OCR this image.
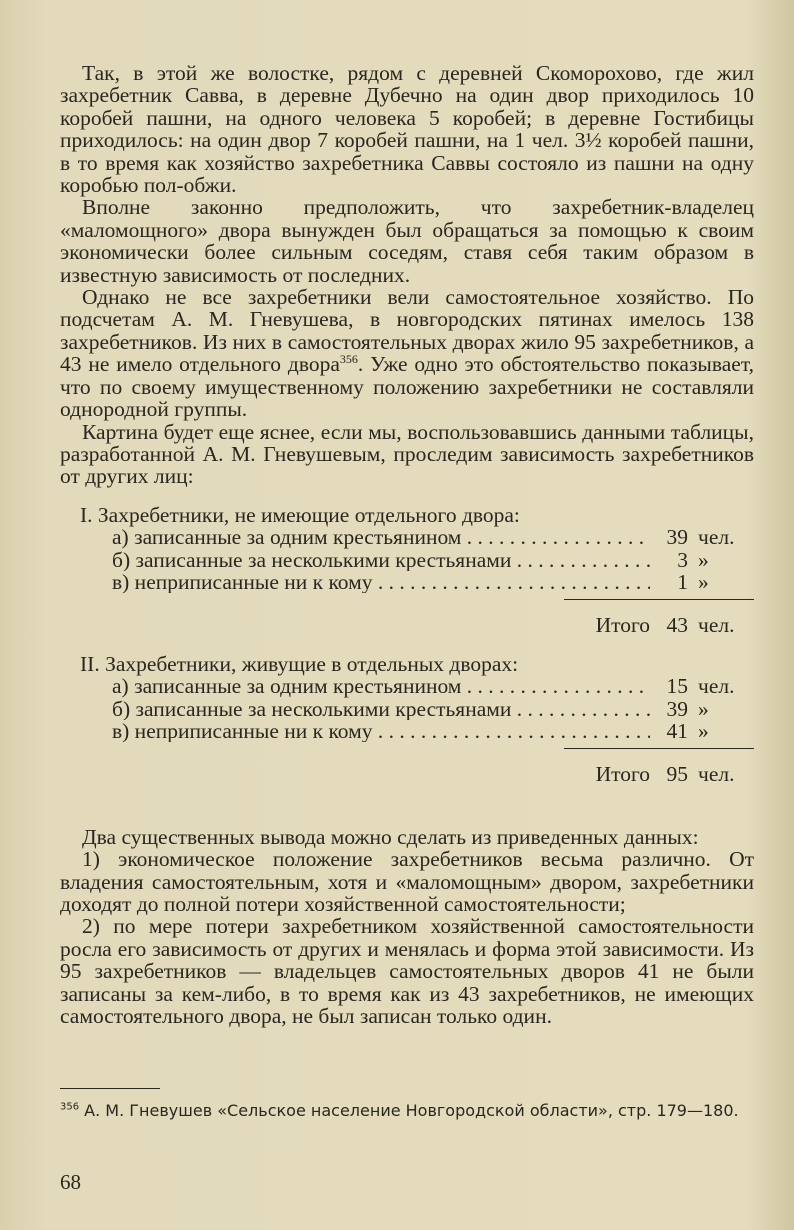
Так, в этой же волостке, рядом с деревней Скоморохово, где жил захребетник Савва, в деревне Дубечно на один двор приходилось 10 коробей пашни, на одного человека 5 коробей; в деревне Гостибицы приходилось: на один двор 7 коробей пашни, на 1 чел. 3½ коробей пашни, в то время как хозяйство захребетника Саввы состояло из пашни на одну коробью пол-обжи.

Вполне законно предположить, что захребетник-владелец «маломощного» двора вынужден был обращаться за помощью к своим экономически более сильным соседям, ставя себя таким образом в известную зависимость от последних.

Однако не все захребетники вели самостоятельное хозяйство. По подсчетам А. М. Гневушева, в новгородских пятинах имелось 138 захребетников. Из них в самостоятельных дворах жило 95 захребетников, а 43 не имело отдельного двора$^{356}$. Уже одно это обстоятельство показывает, что по своему имущественному положению захребетники не составляли однородной группы.

Картина будет еще яснее, если мы, воспользовавшись данными таблицы, разработанной А. М. Гневушевым, проследим зависимость захребетников от других лиц:

I. Захребетники, не имеющие отдельного двора:
а) записанные за одним крестьянином . . .	39 чел.
б) записанные за несколькими крестьянами . . .	3 »
в) неприписанные ни к кому . . .	1 »
Итого 43 чел.
II. Захребетники, живущие в отдельных дворах:
а) записанные за одним крестьянином . . .	15 чел.
б) записанные за несколькими крестьянами . . .	39 »
в) неприписанные ни к кому . . .	41 »
Итого 95 чел.

Два существенных вывода можно сделать из приведенных данных:

1) экономическое положение захребетников весьма различно. От владения самостоятельным, хотя и «маломощным» двором, захребетники доходят до полной потери хозяйственной самостоятельности;

2) по мере потери захребетником хозяйственной самостоятельности росла его зависимость от других и менялась и форма этой зависимости. Из 95 захребетников — владельцев самостоятельных дворов 41 не были записаны за кем-либо, в то время как из 43 захребетников, не имеющих самостоятельного двора, не был записан только один.

$^{356}$ А. М. Гневушев «Сельское население Новгородской области», стр. 179—180.
68
